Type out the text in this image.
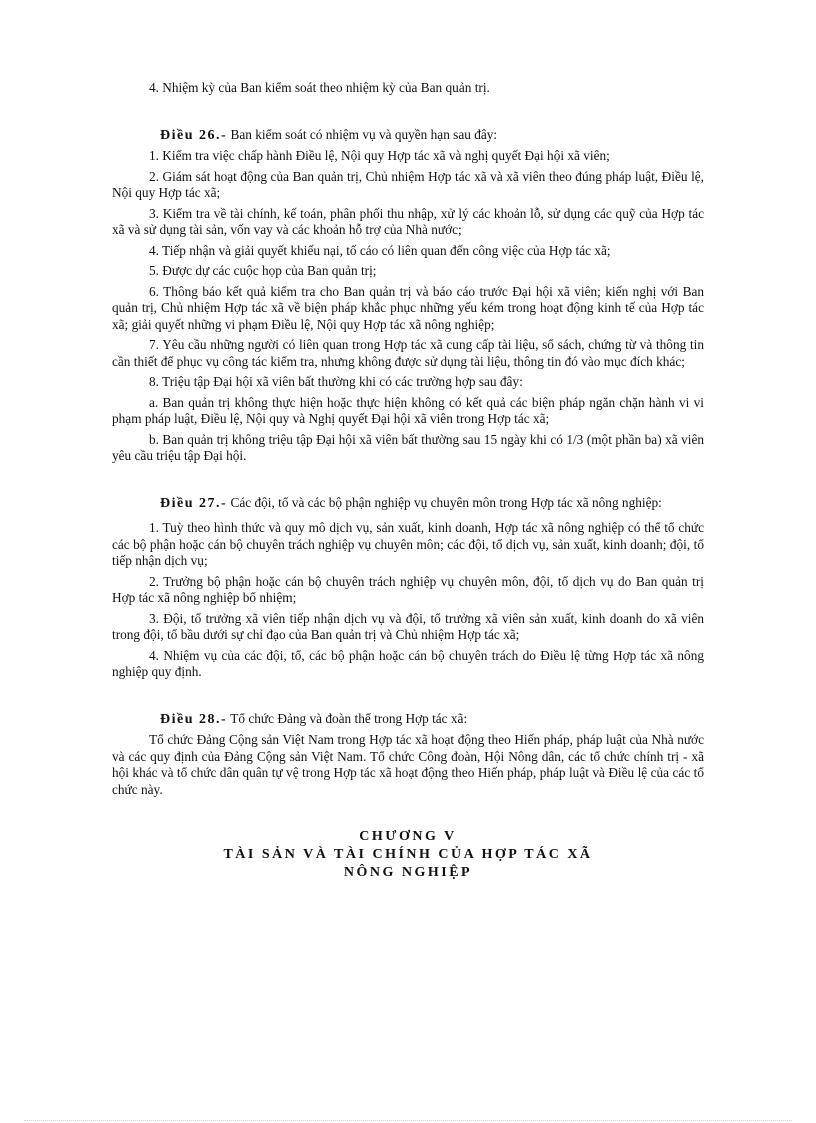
4. Nhiệm kỳ của Ban kiểm soát theo nhiệm kỳ của Ban quản trị.

Điều 26.- Ban kiểm soát có nhiệm vụ và quyền hạn sau đây:

1. Kiểm tra việc chấp hành Điều lệ, Nội quy Hợp tác xã và nghị quyết Đại hội xã viên;

2. Giám sát hoạt động của Ban quản trị, Chủ nhiệm Hợp tác xã và xã viên theo đúng pháp luật, Điều lệ, Nội quy Hợp tác xã;

3. Kiểm tra về tài chính, kế toán, phân phối thu nhập, xử lý các khoản lỗ, sử dụng các quỹ của Hợp tác xã và sử dụng tài sản, vốn vay và các khoản hỗ trợ của Nhà nước;

4. Tiếp nhận và giải quyết khiếu nại, tố cáo có liên quan đến công việc của Hợp tác xã;

5. Được dự các cuộc họp của Ban quản trị;

6. Thông báo kết quả kiểm tra cho Ban quản trị và báo cáo trước Đại hội xã viên; kiến nghị với Ban quản trị, Chủ nhiệm Hợp tác xã về biện pháp khắc phục những yếu kém trong hoạt động kinh tế của Hợp tác xã; giải quyết những vi phạm Điều lệ, Nội quy Hợp tác xã nông nghiệp;

7. Yêu cầu những người có liên quan trong Hợp tác xã cung cấp tài liệu, sổ sách, chứng từ và thông tin cần thiết để phục vụ công tác kiểm tra, nhưng không được sử dụng tài liệu, thông tin đó vào mục đích khác;

8. Triệu tập Đại hội xã viên bất thường khi có các trường hợp sau đây:

a. Ban quản trị không thực hiện hoặc thực hiện không có kết quả các biện pháp ngăn chặn hành vi vi phạm pháp luật, Điều lệ, Nội quy và Nghị quyết Đại hội xã viên trong Hợp tác xã;

b. Ban quản trị không triệu tập Đại hội xã viên bất thường sau 15 ngày khi có 1/3 (một phần ba) xã viên yêu cầu triệu tập Đại hội.

Điều 27.- Các đội, tổ và các bộ phận nghiệp vụ chuyên môn trong Hợp tác xã nông nghiệp:

1. Tuỳ theo hình thức và quy mô dịch vụ, sản xuất, kinh doanh, Hợp tác xã nông nghiệp có thể tổ chức các bộ phận hoặc cán bộ chuyên trách nghiệp vụ chuyên môn; các đội, tổ dịch vụ, sản xuất, kinh doanh; đội, tổ tiếp nhận dịch vụ;

2. Trưởng bộ phận hoặc cán bộ chuyên trách nghiệp vụ chuyên môn, đội, tổ dịch vụ do Ban quản trị Hợp tác xã nông nghiệp bổ nhiệm;

3. Đội, tổ trưởng xã viên tiếp nhận dịch vụ và đội, tổ trưởng xã viên sản xuất, kinh doanh do xã viên trong đội, tổ bầu dưới sự chỉ đạo của Ban quản trị và Chủ nhiệm Hợp tác xã;

4. Nhiệm vụ của các đội, tổ, các bộ phận hoặc cán bộ chuyên trách do Điều lệ từng Hợp tác xã nông nghiệp quy định.

Điều 28.- Tổ chức Đảng và đoàn thể trong Hợp tác xã:

Tổ chức Đảng Cộng sản Việt Nam trong Hợp tác xã hoạt động theo Hiến pháp, pháp luật của Nhà nước và các quy định của Đảng Cộng sản Việt Nam. Tổ chức Công đoàn, Hội Nông dân, các tổ chức chính trị - xã hội khác và tổ chức dân quân tự vệ trong Hợp tác xã hoạt động theo Hiến pháp, pháp luật và Điều lệ của các tổ chức này.

CHƯƠNG V
TÀI SẢN VÀ TÀI CHÍNH CỦA HỢP TÁC XÃ
NÔNG NGHIỆP
